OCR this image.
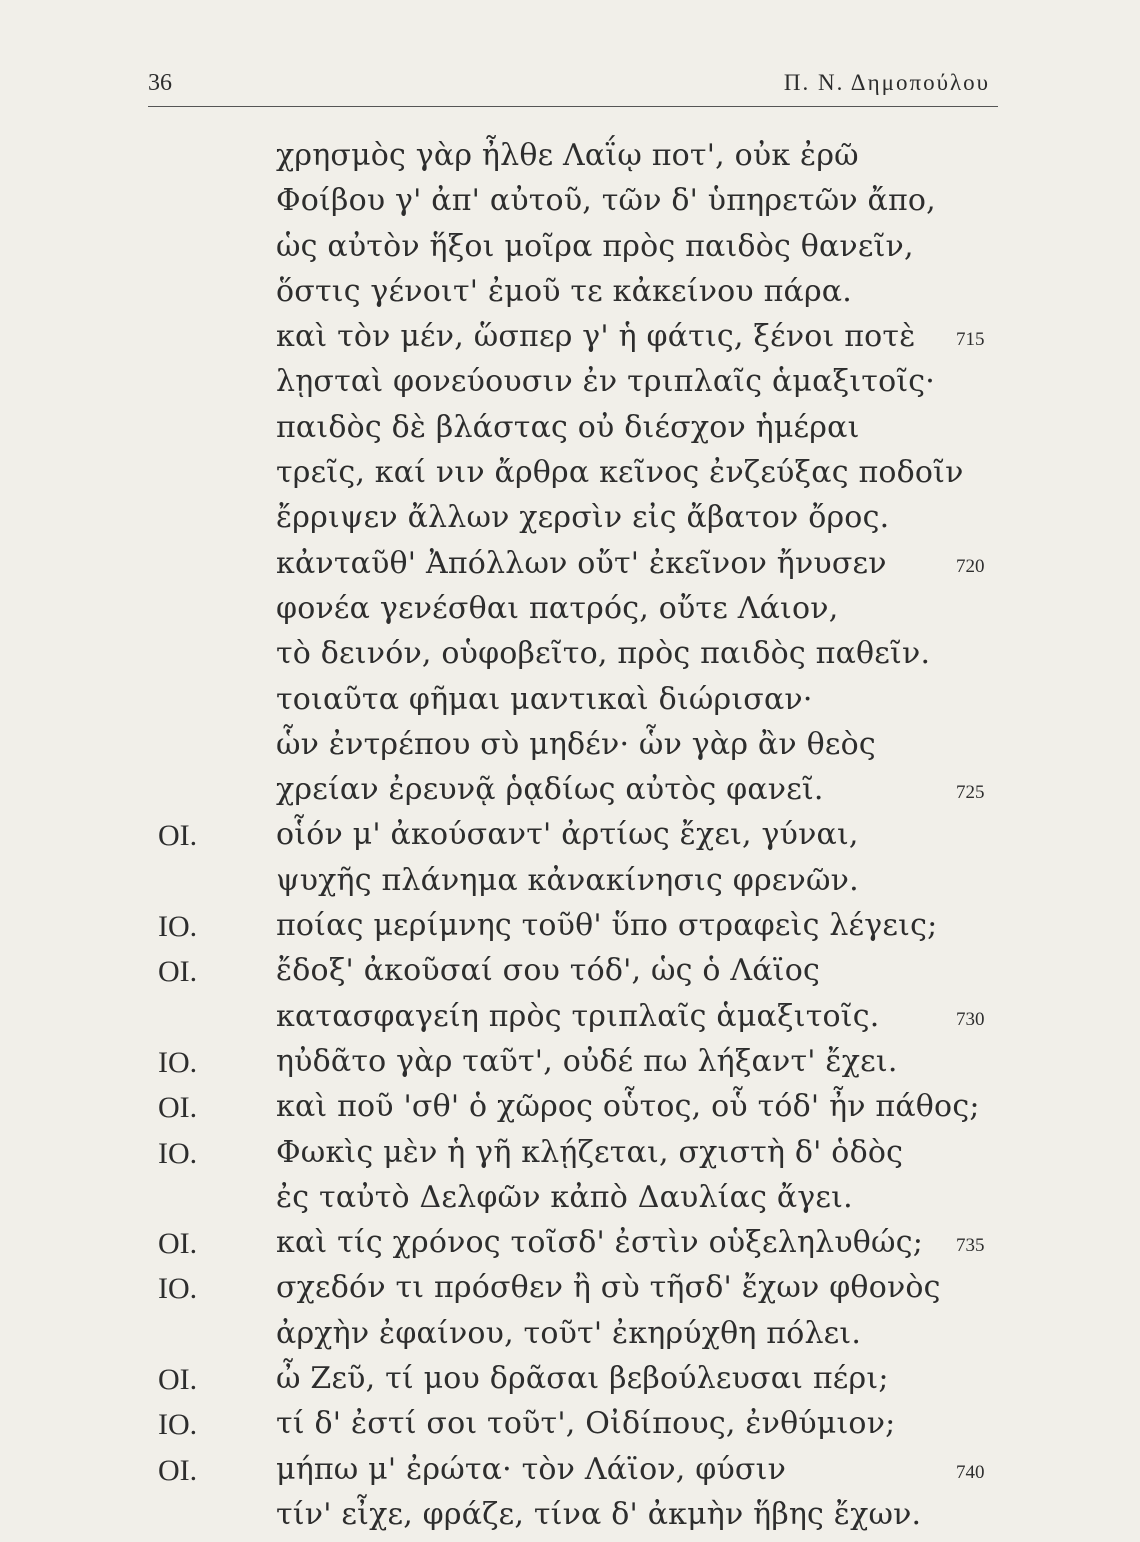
36	Π. Ν. Δημοπούλου
χρησμὸς γὰρ ἦλθε Λαΐῳ ποτ', οὐκ ἐρῶ
Φοίβου γ' ἀπ' αὐτοῦ, τῶν δ' ὑπηρετῶν ἄπο,
ὡς αὐτὸν ἥξοι μοῖρα πρὸς παιδὸς θανεῖν,
ὅστις γένοιτ' ἐμοῦ τε κἀκείνου πάρα.
καὶ τὸν μέν, ὥσπερ γ' ἡ φάτις, ξένοι ποτὲ 715
λῃσταὶ φονεύουσιν ἐν τριπλαῖς ἁμαξιτοῖς·
παιδὸς δὲ βλάστας οὐ διέσχον ἡμέραι
τρεῖς, καί νιν ἄρθρα κεῖνος ἐνζεύξας ποδοῖν
ἔρριψεν ἄλλων χερσὶν εἰς ἄβατον ὄρος.
κἀνταῦθ' Ἀπόλλων οὔτ' ἐκεῖνον ἤνυσεν	720
φονέα γενέσθαι πατρός, οὔτε Λάιον,
τὸ δεινόν, οὑφοβεῖτο, πρὸς παιδὸς παθεῖν.
τοιαῦτα φῆμαι μαντικαὶ διώρισαν·
ὧν ἐντρέπου σὺ μηδέν· ὧν γὰρ ἂν θεὸς
χρείαν ἐρευνᾷ ῥᾳδίως αὐτὸς φανεῖ.	725
ΟΙ.	οἷόν μ' ἀκούσαντ' ἀρτίως ἔχει, γύναι,
ψυχῆς πλάνημα κἀνακίνησις φρενῶν.
ΙΟ.	ποίας μερίμνης τοῦθ' ὕπο στραφεὶς λέγεις;
ΟΙ.	ἔδοξ' ἀκοῦσαί σου τόδ', ὡς ὁ Λάϊος
κατασφαγείη πρὸς τριπλαῖς ἁμαξιτοῖς.	730
ΙΟ.	ηὐδᾶτο γὰρ ταῦτ', οὐδέ πω λήξαντ' ἔχει.
ΟΙ.	καὶ ποῦ 'σθ' ὁ χῶρος οὗτος, οὗ τόδ' ἦν πάθος;
ΙΟ.	Φωκὶς μὲν ἡ γῆ κλῄζεται, σχιστὴ δ' ὁδὸς
ἐς ταὐτὸ Δελφῶν κἀπὸ Δαυλίας ἄγει.
ΟΙ.	καὶ τίς χρόνος τοῖσδ' ἐστὶν οὑξεληλυθώς; 735
ΙΟ.	σχεδόν τι πρόσθεν ἢ σὺ τῆσδ' ἔχων φθονὸς
ἀρχὴν ἐφαίνου, τοῦτ' ἐκηρύχθη πόλει.
ΟΙ.	ὦ Ζεῦ, τί μου δρᾶσαι βεβούλευσαι πέρι;
ΙΟ.	τί δ' ἐστί σοι τοῦτ', Οἰδίπους, ἐνθύμιον;
ΟΙ.	μήπω μ' ἐρώτα· τὸν Λάϊον, φύσιν	740
τίν' εἶχε, φράζε, τίνα δ' ἀκμὴν ἥβης ἔχων.
